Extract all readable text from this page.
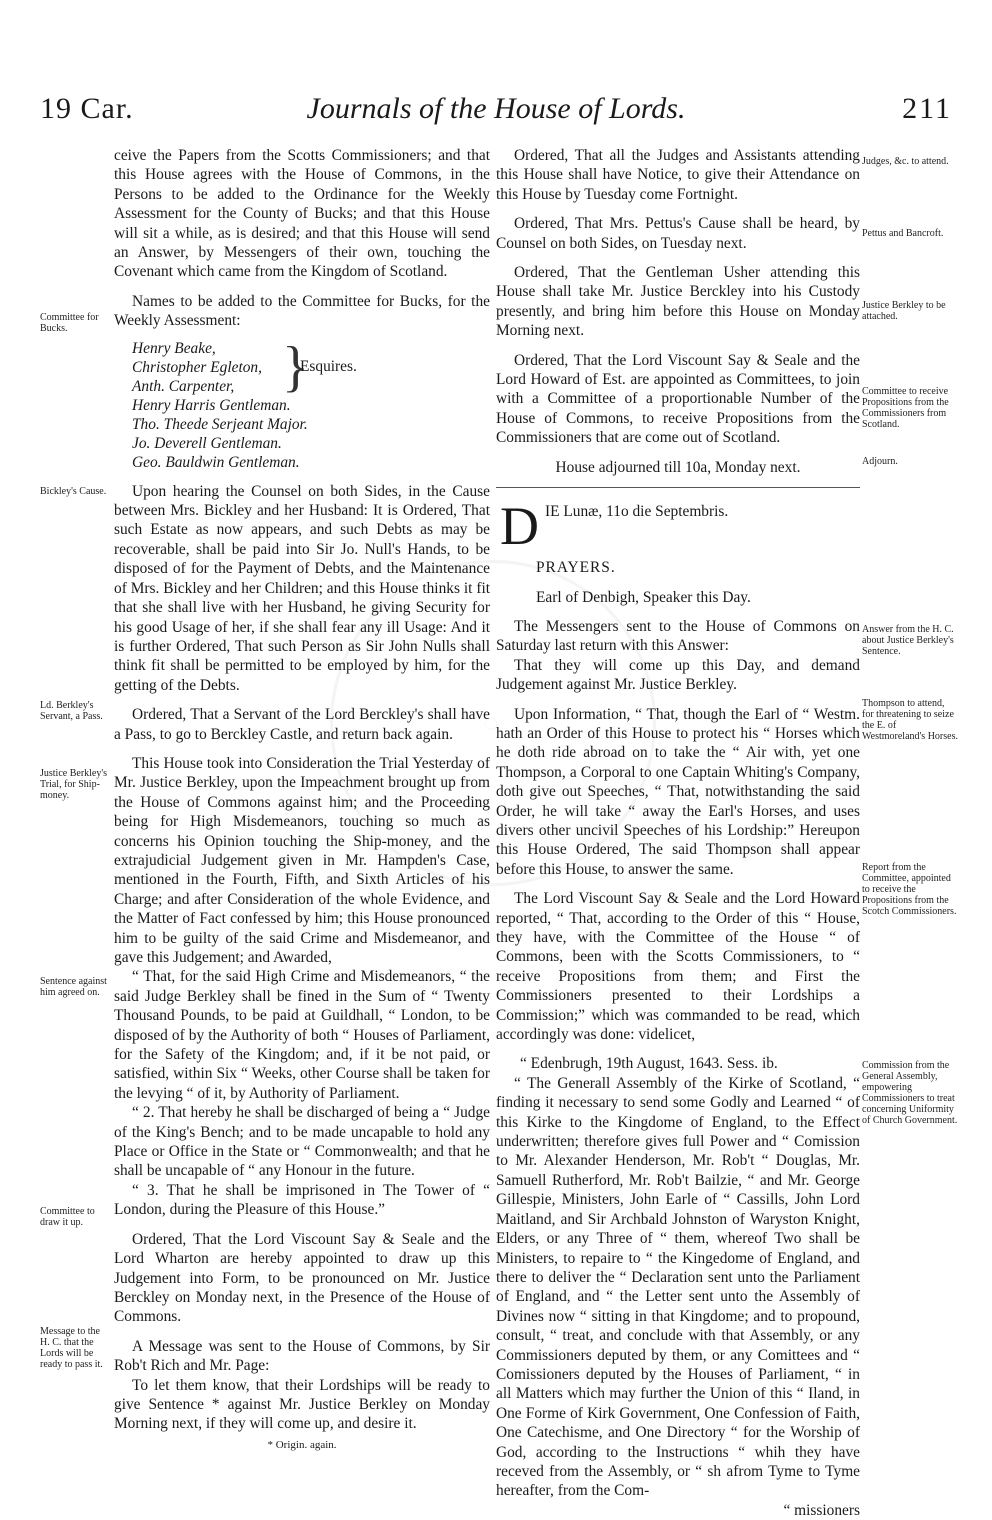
◌
19 Car.	Journals of the House of Lords.	211
Committee for Bucks.
Bickley's Cause.
Ld. Berkley's Servant, a Pass.
Justice Berkley's Trial, for Ship-money.
Sentence against him agreed on.
Committee to draw it up.
Message to the H. C. that the Lords will be ready to pass it.
Judges, &c. to attend.
Pettus and Bancroft.
Justice Berkley to be attached.
Committee to receive Propositions from the Commissioners from Scotland.
Adjourn.
Answer from the H. C. about Justice Berkley's Sentence.
Thompson to attend, for threatening to seize the E. of Westmoreland's Horses.
Report from the Committee, appointed to receive the Propositions from the Scotch Commissioners.
Commission from the General Assembly, empowering Commissioners to treat concerning Uniformity of Church Government.

ceive the Papers from the Scotts Commissioners; and that this House agrees with the House of Commons, in the Persons to be added to the Ordinance for the Weekly Assessment for the County of Bucks; and that this House will sit a while, as is desired; and that this House will send an Answer, by Messengers of their own, touching the Covenant which came from the Kingdom of Scotland.

Names to be added to the Committee for Bucks, for the Weekly Assessment:

Henry Beake,
Christopher Egleton,
Anth. Carpenter,
Henry Harris Gentleman.
Tho. Theede Serjeant Major.
Jo. Deverell Gentleman.
Geo. Bauldwin Gentleman.
}
Esquires.

Upon hearing the Counsel on both Sides, in the Cause between Mrs. Bickley and her Husband: It is Ordered, That such Estate as now appears, and such Debts as may be recoverable, shall be paid into Sir Jo. Null's Hands, to be disposed of for the Payment of Debts, and the Maintenance of Mrs. Bickley and her Children; and this House thinks it fit that she shall live with her Husband, he giving Security for his good Usage of her, if she shall fear any ill Usage: And it is further Ordered, That such Person as Sir John Nulls shall think fit shall be permitted to be employed by him, for the getting of the Debts.

Ordered, That a Servant of the Lord Berckley's shall have a Pass, to go to Berckley Castle, and return back again.

This House took into Consideration the Trial Yesterday of Mr. Justice Berkley, upon the Impeachment brought up from the House of Commons against him; and the Proceeding being for High Misdemeanors, touching so much as concerns his Opinion touching the Ship-money, and the extrajudicial Judgement given in Mr. Hampden's Case, mentioned in the Fourth, Fifth, and Sixth Articles of his Charge; and after Consideration of the whole Evidence, and the Matter of Fact confessed by him; this House pronounced him to be guilty of the said Crime and Misdemeanor, and gave this Judgement; and Awarded,

“ That, for the said High Crime and Misdemeanors, “ the said Judge Berkley shall be fined in the Sum of “ Twenty Thousand Pounds, to be paid at Guildhall, “ London, to be disposed of by the Authority of both “ Houses of Parliament, for the Safety of the Kingdom; and, if it be not paid, or satisfied, within Six “ Weeks, other Course shall be taken for the levying “ of it, by Authority of Parliament.

“ 2. That hereby he shall be discharged of being a “ Judge of the King's Bench; and to be made uncapable to hold any Place or Office in the State or “ Commonwealth; and that he shall be uncapable of “ any Honour in the future.

“ 3. That he shall be imprisoned in The Tower of “ London, during the Pleasure of this House.”

Ordered, That the Lord Viscount Say & Seale and the Lord Wharton are hereby appointed to draw up this Judgement into Form, to be pronounced on Mr. Justice Berckley on Monday next, in the Presence of the House of Commons.

A Message was sent to the House of Commons, by Sir Rob't Rich and Mr. Page:

To let them know, that their Lordships will be ready to give Sentence * against Mr. Justice Berkley on Monday Morning next, if they will come up, and desire it.

* Origin. again.

Ordered, That all the Judges and Assistants attending this House shall have Notice, to give their Attendance on this House by Tuesday come Fortnight.

Ordered, That Mrs. Pettus's Cause shall be heard, by Counsel on both Sides, on Tuesday next.

Ordered, That the Gentleman Usher attending this House shall take Mr. Justice Berckley into his Custody presently, and bring him before this House on Monday Morning next.

Ordered, That the Lord Viscount Say & Seale and the Lord Howard of Est. are appointed as Committees, to join with a Committee of a proportionable Number of the House of Commons, to receive Propositions from the Commissioners that are come out of Scotland.

House adjourned till 10a, Monday next.

D IE Lunæ, 11o die Septembris.

PRAYERS.

Earl of Denbigh, Speaker this Day.

The Messengers sent to the House of Commons on Saturday last return with this Answer:

That they will come up this Day, and demand Judgement against Mr. Justice Berkley.

Upon Information, “ That, though the Earl of “ Westm. hath an Order of this House to protect his “ Horses which he doth ride abroad on to take the “ Air with, yet one Thompson, a Corporal to one Captain Whiting's Company, doth give out Speeches, “ That, notwithstanding the said Order, he will take “ away the Earl's Horses, and uses divers other uncivil Speeches of his Lordship:” Hereupon this House Ordered, The said Thompson shall appear before this House, to answer the same.

The Lord Viscount Say & Seale and the Lord Howard reported, “ That, according to the Order of this “ House, they have, with the Committee of the House “ of Commons, been with the Scotts Commissioners, to “ receive Propositions from them; and First the Commissioners presented to their Lordships a Commission;” which was commanded to be read, which accordingly was done: videlicet,

“ Edenbrugh, 19th August, 1643. Sess. ib.

“ The Generall Assembly of the Kirke of Scotland, “ finding it necessary to send some Godly and Learned “ of this Kirke to the Kingdome of England, to the Effect underwritten; therefore gives full Power and “ Comission to Mr. Alexander Henderson, Mr. Rob't “ Douglas, Mr. Samuell Rutherford, Mr. Rob't Bailzie, “ and Mr. George Gillespie, Ministers, John Earle of “ Cassills, John Lord Maitland, and Sir Archbald Johnston of Waryston Knight, Elders, or any Three of “ them, whereof Two shall be Ministers, to repaire to “ the Kingedome of England, and there to deliver the “ Declaration sent unto the Parliament of England, and “ the Letter sent unto the Assembly of Divines now “ sitting in that Kingdome; and to propound, consult, “ treat, and conclude with that Assembly, or any Commissioners deputed by them, or any Comittees and “ Comissioners deputed by the Houses of Parliament, “ in all Matters which may further the Union of this “ Iland, in One Forme of Kirk Government, One Confession of Faith, One Catechisme, and One Directory “ for the Worship of God, according to the Instructions “ whih they have receved from the Assembly, or “ sh afrom Tyme to Tyme hereafter, from the Com-

“ missioners
